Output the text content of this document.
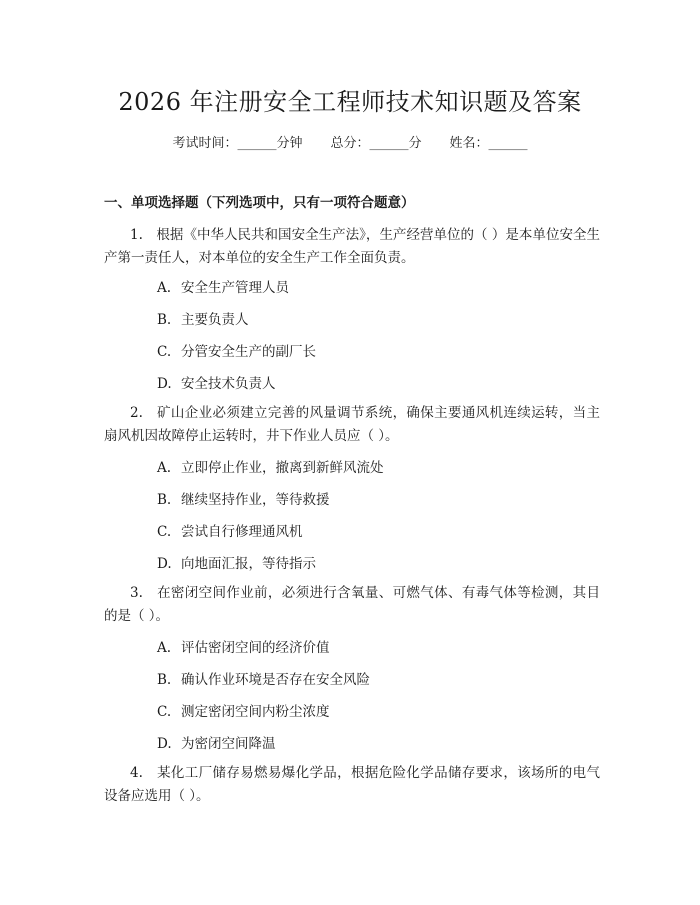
2026 年注册安全工程师技术知识题及答案
考试时间：______分钟 总分：______分 姓名：______
一、单项选择题（下列选项中，只有一项符合题意）
1.　根据《中华人民共和国安全生产法》，生产经营单位的（ ）是本单位安全生产第一责任人，对本单位的安全生产工作全面负责。
A. 安全生产管理人员
B. 主要负责人
C. 分管安全生产的副厂长
D. 安全技术负责人
2.　矿山企业必须建立完善的风量调节系统，确保主要通风机连续运转，当主扇风机因故障停止运转时，井下作业人员应（ ）。
A. 立即停止作业，撤离到新鲜风流处
B. 继续坚持作业，等待救援
C. 尝试自行修理通风机
D. 向地面汇报，等待指示
3.　在密闭空间作业前，必须进行含氧量、可燃气体、有毒气体等检测，其目的是（ ）。
A. 评估密闭空间的经济价值
B. 确认作业环境是否存在安全风险
C. 测定密闭空间内粉尘浓度
D. 为密闭空间降温
4.　某化工厂储存易燃易爆化学品，根据危险化学品储存要求，该场所的电气设备应选用（ ）。
